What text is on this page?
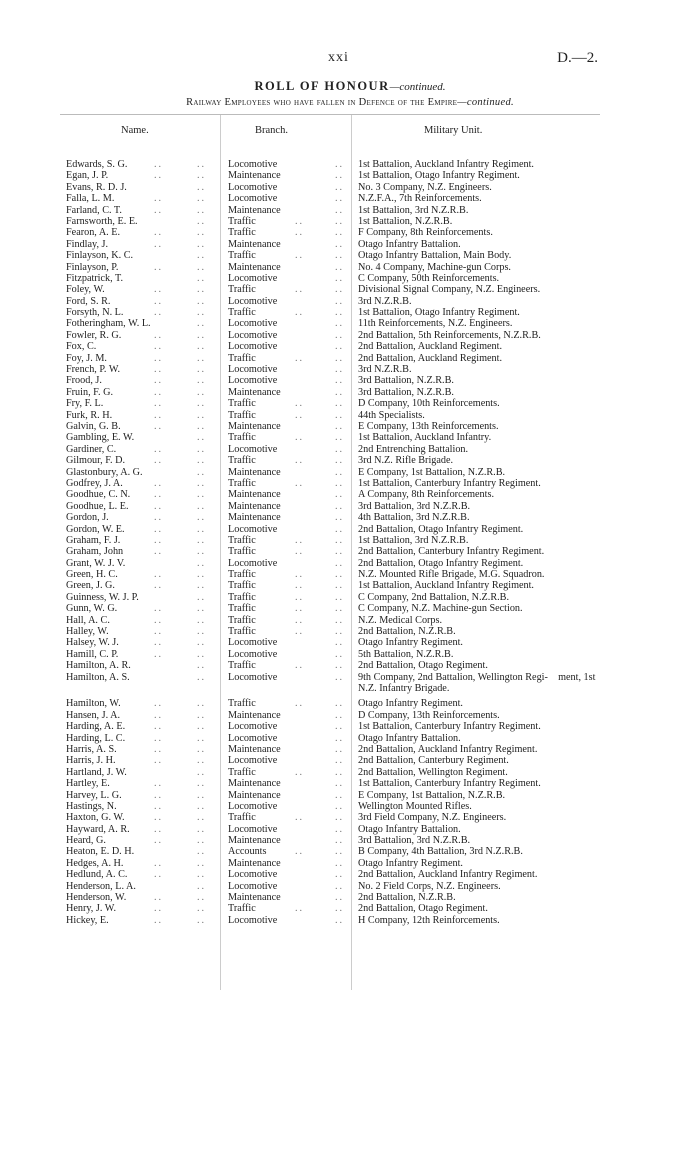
xxi	D.—2.
ROLL OF HONOUR—continued.
Railway Employees who have fallen in Defence of the Empire—continued.
Name.	Branch.	Military Unit.
Edwards, S. G.	..	.. Locomotive	.. 1st Battalion, Auckland Infantry Regiment.
Egan, J. P.	..	.. Maintenance	.. 1st Battalion, Otago Infantry Regiment.
Evans, R. D. J.	.. Locomotive	.. No. 3 Company, N.Z. Engineers.
Falla, L. M.	..	.. Locomotive	.. N.Z.F.A., 7th Reinforcements.
Farland, C. T.	..	.. Maintenance	.. 1st Battalion, 3rd N.Z.R.B.
Farnsworth, E. E.	.. Traffic	..	.. 1st Battalion, N.Z.R.B.
Fearon, A. E.	..	.. Traffic	..	.. F Company, 8th Reinforcements.
Findlay, J.	..	.. Maintenance	.. Otago Infantry Battalion.
Finlayson, K. C.	.. Traffic	..	.. Otago Infantry Battalion, Main Body.
Finlayson, P.	..	.. Maintenance	.. No. 4 Company, Machine-gun Corps.
Fitzpatrick, T.	.. Locomotive	.. C Company, 50th Reinforcements.
Foley, W.	..	.. Traffic	..	.. Divisional Signal Company, N.Z. Engineers.
Ford, S. R.	..	.. Locomotive	.. 3rd N.Z.R.B.
Forsyth, N. L.	..	.. Traffic	..	.. 1st Battalion, Otago Infantry Regiment.
Fotheringham, W. L.	.. Locomotive	.. 11th Reinforcements, N.Z. Engineers.
Fowler, R. G.	..	.. Locomotive	.. 2nd Battalion, 5th Reinforcements, N.Z.R.B.
Fox, C.	..	.. Locomotive	.. 2nd Battalion, Auckland Regiment.
Foy, J. M.	..	.. Traffic	..	.. 2nd Battalion, Auckland Regiment.
French, P. W.	..	.. Locomotive	.. 3rd N.Z.R.B.
Frood, J.	..	.. Locomotive	.. 3rd Battalion, N.Z.R.B.
Fruin, F. G.	..	.. Maintenance	.. 3rd Battalion, N.Z.R.B.
Fry, F. L.	..	.. Traffic	..	.. D Company, 10th Reinforcements.
Furk, R. H.	..	.. Traffic	..	.. 44th Specialists.
Galvin, G. B.	..	.. Maintenance	.. E Company, 13th Reinforcements.
Gambling, E. W.	.. Traffic	..	.. 1st Battalion, Auckland Infantry.
Gardiner, C.	..	.. Locomotive	.. 2nd Entrenching Battalion.
Gilmour, F. D.	..	.. Traffic	..	.. 3rd N.Z. Rifle Brigade.
Glastonbury, A. G.	.. Maintenance	.. E Company, 1st Battalion, N.Z.R.B.
Godfrey, J. A.	..	.. Traffic	..	.. 1st Battalion, Canterbury Infantry Regiment.
Goodhue, C. N. ..	.. Maintenance	.. A Company, 8th Reinforcements.
Goodhue, L. E. ..	.. Maintenance	.. 3rd Battalion, 3rd N.Z.R.B.
Gordon, J.	..	.. Maintenance	.. 4th Battalion, 3rd N.Z.R.B.
Gordon, W. E.	..	.. Locomotive	.. 2nd Battalion, Otago Infantry Regiment.
Graham, F. J.	..	.. Traffic	..	.. 1st Battalion, 3rd N.Z.R.B.
Graham, John	..	.. Traffic	..	.. 2nd Battalion, Canterbury Infantry Regiment.
Grant, W. J. V.	.. Locomotive	.. 2nd Battalion, Otago Infantry Regiment.
Green, H. C.	..	.. Traffic	..	.. N.Z. Mounted Rifle Brigade, M.G. Squadron.
Green, J. G.	..	.. Traffic	..	.. 1st Battalion, Auckland Infantry Regiment.
Guinness, W. J. P.	.. Traffic	..	.. C Company, 2nd Battalion, N.Z.R.B.
Gunn, W. G.	..	.. Traffic	..	.. C Company, N.Z. Machine-gun Section.
Hall, A. C.	..	.. Traffic	..	.. N.Z. Medical Corps.
Halley, W.	..	.. Traffic	..	.. 2nd Battalion, N.Z.R.B.
Halsey, W. J.	..	.. Locomotive	.. Otago Infantry Regiment.
Hamill, C. P.	..	.. Locomotive	.. 5th Battalion, N.Z.R.B.
Hamilton, A. R.	.. Traffic	..	.. 2nd Battalion, Otago Regiment.
Hamilton, A. S.	.. Locomotive	.. 9th Company, 2nd Battalion, Wellington Regi-    ment, 1st N.Z. Infantry Brigade.
Hamilton, W.	..	.. Traffic	..	.. Otago Infantry Regiment.
Hansen, J. A.	..	.. Maintenance	.. D Company, 13th Reinforcements.
Harding, A. E.	..	.. Locomotive	.. 1st Battalion, Canterbury Infantry Regiment.
Harding, L. C.	..	.. Locomotive	.. Otago Infantry Battalion.
Harris, A. S.	..	.. Maintenance	.. 2nd Battalion, Auckland Infantry Regiment.
Harris, J. H.	..	.. Locomotive	.. 2nd Battalion, Canterbury Regiment.
Hartland, J. W.	.. Traffic	..	.. 2nd Battalion, Wellington Regiment.
Hartley, E.	..	.. Maintenance	.. 1st Battalion, Canterbury Infantry Regiment.
Harvey, L. G.	..	.. Maintenance	.. E Company, 1st Battalion, N.Z.R.B.
Hastings, N.	..	.. Locomotive	.. Wellington Mounted Rifles.
Haxton, G. W.	..	.. Traffic	..	.. 3rd Field Company, N.Z. Engineers.
Hayward, A. R. ..	.. Locomotive	.. Otago Infantry Battalion.
Heard, G.	..	.. Maintenance	.. 3rd Battalion, 3rd N.Z.R.B.
Heaton, E. D. H.	.. Accounts	..	.. B Company, 4th Battalion, 3rd N.Z.R.B.
Hedges, A. H.	..	.. Maintenance	.. Otago Infantry Regiment.
Hedlund, A. C.	..	.. Locomotive	.. 2nd Battalion, Auckland Infantry Regiment.
Henderson, L. A.	.. Locomotive	.. No. 2 Field Corps, N.Z. Engineers.
Henderson, W.	..	.. Maintenance	.. 2nd Battalion, N.Z.R.B.
Henry, J. W.	..	.. Traffic	..	.. 2nd Battalion, Otago Regiment.
Hickey, E.	..	.. Locomotive	.. H Company, 12th Reinforcements.
